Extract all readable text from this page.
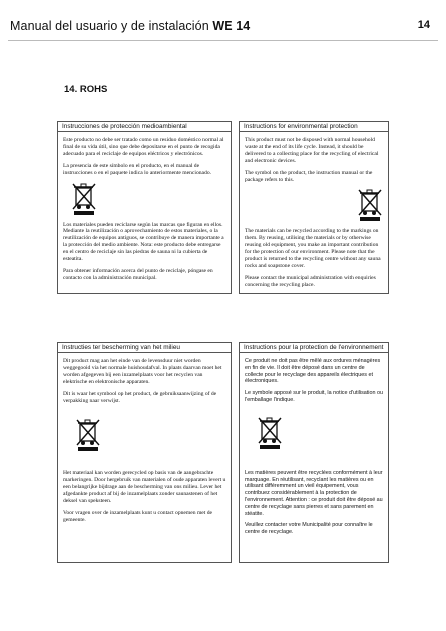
Manual del usuario y de instalación WE 14	14
14. ROHS
Instrucciones de protección medioambiental

Este producto no debe ser tratado como un residuo doméstico normal al final de su vida útil, sino que debe depositarse en el punto de recogida adecuado para el reciclaje de equipos eléctricos y electrónicos.

La presencia de este símbolo en el producto, en el manual de instrucciones o en el paquete indica lo anteriormente mencionado.

Los materiales pueden reciclarse según las marcas que figuran en ellos. Mediante la reutilización o aprovechamiento de estos materiales, o la reutilización de equipos antiguos, se contribuye de manera importante a la protección del medio ambiente. Nota: este producto debe entregarse en el centro de reciclaje sin las piedras de sauna ni la cubierta de esteatita.

Para obtener información acerca del punto de reciclaje, póngase en contacto con la administración municipal.

Instructions for environmental protection

This product must not be disposed with normal household waste at the end of its life cycle. Instead, it should be delivered to a collecting place for the recycling of electrical and electronic devices.

The symbol on the product, the instruction manual or the package refers to this.

The materials can be recycled according to the markings on them. By reusing, utilising the materials or by otherwise reusing old equipment, you make an important contribution for the protection of our environment. Please note that the product is returned to the recycling centre without any sauna rocks and soapstone cover.

Please contact the municipal administration with enquiries concerning the recycling place.

Instructies ter bescherming van het milieu

Dit product mag aan het einde van de levensduur niet worden weggegooid via het normale huishoudafval. In plaats daarvan moet het worden afgegeven bij een inzamelplaats voor het recyclen van elektrische en elektronische apparaten.

Dit is waar het symbool op het product, de gebruiksaanwijzing of de verpakking naar verwijst.

Het materiaal kan worden gerecycled op basis van de aangebrachte markeringen. Door hergebruik van materialen of oude apparaten levert u een belangrijke bijdrage aan de bescherming van ons milieu. Lever het afgedankte product af bij de inzamelplaats zonder saunastenen of het deksel van speksteen.

Voor vragen over de inzamelplaats kunt u contact opnemen met de gemeente.

Instructions pour la protection de l'environnement

Ce produit ne doit pas être mêlé aux ordures ménagères en fin de vie. Il doit être déposé dans un centre de collecte pour le recyclage des appareils électriques et électroniques.

Le symbole apposé sur le produit, la notice d'utilisation ou l'emballage l'indique.

Les matières peuvent être recyclées conformément à leur marquage. En réutilisant, recyclant les matières ou en utilisant différemment un vieil équipement, vous contribuez considérablement à la protection de l'environnement. Attention : ce produit doit être déposé au centre de recyclage sans pierres et sans parement en stéatite.

Veuillez contacter votre Municipalité pour connaître le centre de recyclage.
